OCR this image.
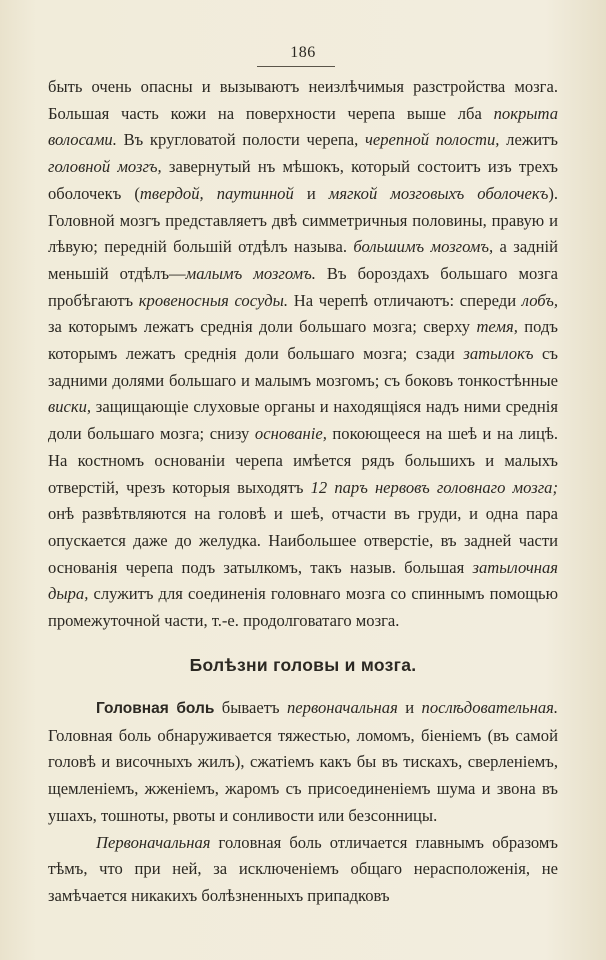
186

быть очень опасны и вызываютъ неизлѣчимыя разстройства мозга. Большая часть кожи на поверхности черепа выше лба покрыта волосами. Въ кругловатой полости черепа, черепной полости, лежитъ головной мозгъ, завернутый нъ мѣшокъ, который состоитъ изъ трехъ оболочекъ (твердой, паутинной и мягкой мозговыхъ оболочекъ). Головной мозгъ представляетъ двѣ симметричныя половины, правую и лѣвую; передній большій отдѣлъ называ. большимъ мозгомъ, а задній меньшій отдѣлъ—малымъ мозгомъ. Въ бороздахъ большаго мозга пробѣгаютъ кровеносныя сосуды. На черепѣ отличаютъ: спереди лобъ, за которымъ лежатъ среднія доли большаго мозга; сверху темя, подъ которымъ лежатъ среднія доли большаго мозга; сзади затылокъ съ задними долями большаго и малымъ мозгомъ; съ боковъ тонкостѣнные виски, защищающіе слуховые органы и находящіяся надъ ними среднія доли большаго мозга; снизу основаніе, покоющееся на шеѣ и на лицѣ. На костномъ основаніи черепа имѣется рядъ большихъ и малыхъ отверстій, чрезъ которыя выходятъ 12 паръ нервовъ головнаго мозга; онѣ развѣтвляются на головѣ и шеѣ, отчасти въ груди, и одна пара опускается даже до желудка. Наибольшее отверстіе, въ задней части основанія черепа подъ затылкомъ, такъ назыв. большая затылочная дыра, служитъ для соединенія головнаго мозга со спиннымъ помощью промежуточной части, т.-е. продолговатаго мозга.

Болѣзни головы и мозга.

Головная боль бываетъ первоначальная и послѣдовательная. Головная боль обнаруживается тяжестью, ломомъ, біеніемъ (въ самой головѣ и височныхъ жилъ), сжатіемъ какъ бы въ тискахъ, сверленіемъ, щемленіемъ, жженіемъ, жаромъ съ присоединеніемъ шума и звона въ ушахъ, тошноты, рвоты и сонливости или безсонницы.

Первоначальная головная боль отличается главнымъ образомъ тѣмъ, что при ней, за исключеніемъ общаго нерасположенія, не замѣчается никакихъ болѣзненныхъ припадковъ
